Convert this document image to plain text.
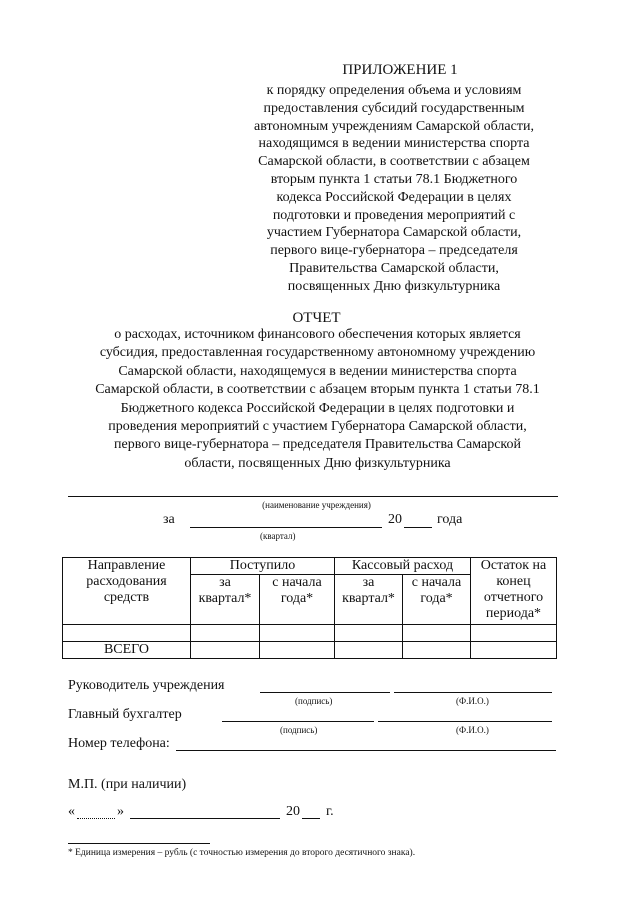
ПРИЛОЖЕНИЕ 1
к порядку определения объема и условиям
предоставления субсидий государственным
автономным учреждениям Самарской области,
находящимся в ведении министерства спорта
Самарской области, в соответствии с абзацем
вторым пункта 1 статьи 78.1 Бюджетного
кодекса Российской Федерации в целях
подготовки и проведения мероприятий с
участием Губернатора Самарской области,
первого вице-губернатора – председателя
Правительства Самарской области,
посвященных Дню физкультурника
ОТЧЕТ
о расходах, источником финансового обеспечения которых является
субсидия, предоставленная государственному автономному учреждению
Самарской области, находящемуся в ведении министерства спорта
Самарской области, в соответствии с абзацем вторым пункта 1 статьи 78.1
Бюджетного кодекса Российской Федерации в целях подготовки и
проведения мероприятий с участием Губернатора Самарской области,
первого вице-губернатора – председателя Правительства Самарской
области, посвященных Дню физкультурника
(наименование учреждения)
за	20	года
(квартал)
Направление расходования средств	Поступило		Кассовый расход		Остаток на конец отчетного периода*
	за квартал*	с начала года*	за квартал*	с начала года*	

ВСЕГО					
Руководитель учреждения
(подпись)	(Ф.И.О.)
Главный бухгалтер
(подпись)	(Ф.И.О.)
Номер телефона:
М.П. (при наличии)
«	»	20 г.
* Единица измерения – рубль (с точностью измерения до второго десятичного знака).
